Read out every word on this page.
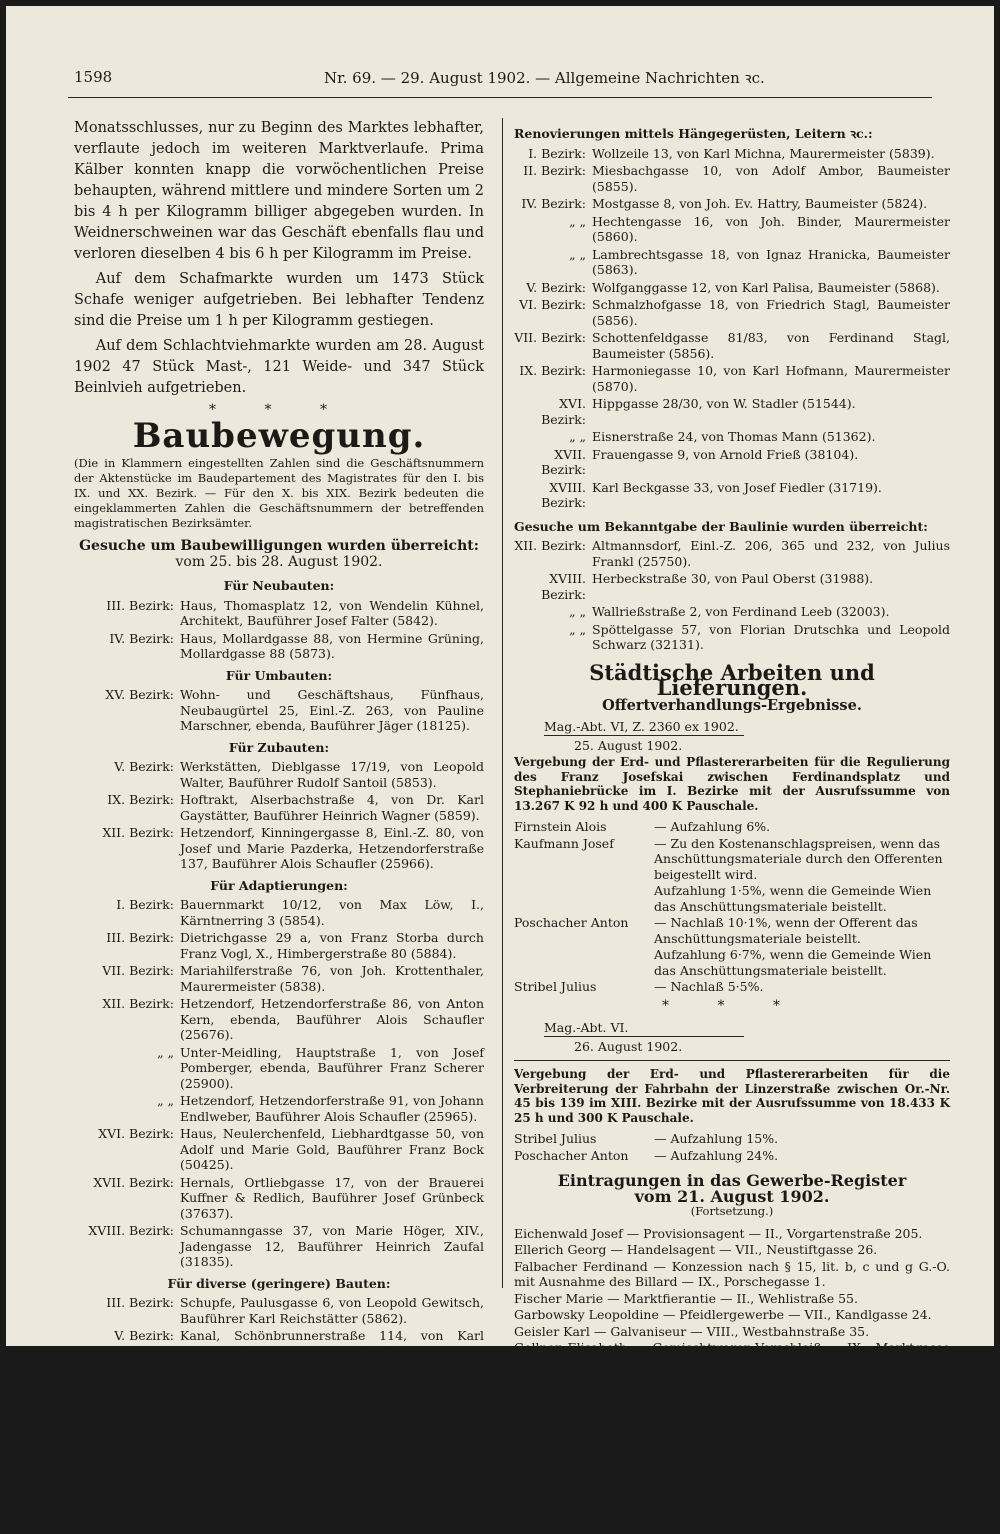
1598	Nr. 69. — 29. August 1902. — Allgemeine Nachrichten ꝛc.

Monatsschlusses, nur zu Beginn des Marktes lebhafter, verflaute jedoch im weiteren Marktverlaufe. Prima Kälber konnten knapp die vorwöchentlichen Preise behaupten, während mittlere und mindere Sorten um 2 bis 4 h per Kilogramm billiger abgegeben wurden. In Weidnerschweinen war das Geschäft ebenfalls flau und verloren dieselben 4 bis 6 h per Kilogramm im Preise.

Auf dem Schafmarkte wurden um 1473 Stück Schafe weniger aufgetrieben. Bei lebhafter Tendenz sind die Preise um 1 h per Kilogramm gestiegen.

Auf dem Schlachtviehmarkte wurden am 28. August 1902 47 Stück Mast-, 121 Weide- und 347 Stück Beinlvieh aufgetrieben.

* * *
Baubewegung.

(Die in Klammern eingestellten Zahlen sind die Geschäftsnummern der Aktenstücke im Baudepartement des Magistrates für den I. bis IX. und XX. Bezirk. — Für den X. bis XIX. Bezirk bedeuten die eingeklammerten Zahlen die Geschäftsnummern der betreffenden magistratischen Bezirksämter.

Gesuche um Baubewilligungen wurden überreicht:
vom 25. bis 28. August 1902.
Für Neubauten:
III. Bezirk: Haus, Thomasplatz 12, von Wendelin Kühnel, Architekt, Bauführer Josef Falter (5842).
IV. Bezirk: Haus, Mollardgasse 88, von Hermine Grüning, Mollardgasse 88 (5873).
Für Umbauten:
XV. Bezirk: Wohn- und Geschäftshaus, Fünfhaus, Neubaugürtel 25, Einl.-Z. 263, von Pauline Marschner, ebenda, Bauführer Jäger (18125).
Für Zubauten:
V. Bezirk: Werkstätten, Dieblgasse 17/19, von Leopold Walter, Bauführer Rudolf Santoil (5853).
IX. Bezirk: Hoftrakt, Alserbachstraße 4, von Dr. Karl Gaystätter, Bauführer Heinrich Wagner (5859).
XII. Bezirk: Hetzendorf, Kinningergasse 8, Einl.-Z. 80, von Josef und Marie Pazderka, Hetzendorferstraße 137, Bauführer Alois Schaufler (25966).
Für Adaptierungen:
I. Bezirk: Bauernmarkt 10/12, von Max Löw, I., Kärntnerring 3 (5854).
III. Bezirk: Dietrichgasse 29 a, von Franz Storba durch Franz Vogl, X., Himbergerstraße 80 (5884).
VII. Bezirk: Mariahilferstraße 76, von Joh. Krottenthaler, Maurermeister (5838).
XII. Bezirk: Hetzendorf, Hetzendorferstraße 86, von Anton Kern, ebenda, Bauführer Alois Schaufler (25676).
„ „ Unter-Meidling, Hauptstraße 1, von Josef Pomberger, ebenda, Bauführer Franz Scherer (25900).
„ „ Hetzendorf, Hetzendorferstraße 91, von Johann Endlweber, Bauführer Alois Schaufler (25965).
XVI. Bezirk: Haus, Neulerchenfeld, Liebhardtgasse 50, von Adolf und Marie Gold, Bauführer Franz Bock (50425).
XVII. Bezirk: Hernals, Ortliebgasse 17, von der Brauerei Kuffner & Redlich, Bauführer Josef Grünbeck (37637).
XVIII. Bezirk: Schumanngasse 37, von Marie Höger, XIV., Jadengasse 12, Bauführer Heinrich Zaufal (31835).
Für diverse (geringere) Bauten:
III. Bezirk: Schupfe, Paulusgasse 6, von Leopold Gewitsch, Bauführer Karl Reichstätter (5862).
V. Bezirk: Kanal, Schönbrunnerstraße 114, von Karl Stöger & Sohn, Baumeister (5872).
XVIII. Bezirk: Cottagegasse 20, von Johann Georg Ritter v. Schoen, ebenda (32072).
„ „ Thür, Kutschkergasse 12, von Rudolf Wellner, ebenda (32153).
XX. Bezirk: Schupfe, Burghardtgasse, Ecke der Wexstraße, von Johann Maschek, Burghardtgasse 30 (5829).
Renovierungen mittels Hängegerüsten, Leitern ꝛc.:
I. Bezirk: Wollzeile 13, von Karl Michna, Maurermeister (5839).
II. Bezirk: Miesbachgasse 10, von Adolf Ambor, Baumeister (5855).
IV. Bezirk: Mostgasse 8, von Joh. Ev. Hattry, Baumeister (5824).
„ „ Hechtengasse 16, von Joh. Binder, Maurermeister (5860).
„ „ Lambrechtsgasse 18, von Ignaz Hranicka, Baumeister (5863).
V. Bezirk: Wolfganggasse 12, von Karl Palisa, Baumeister (5868).
VI. Bezirk: Schmalzhofgasse 18, von Friedrich Stagl, Baumeister (5856).
VII. Bezirk: Schottenfeldgasse 81/83, von Ferdinand Stagl, Baumeister (5856).
IX. Bezirk: Harmoniegasse 10, von Karl Hofmann, Maurermeister (5870).
XVI. Bezirk:
Hippgasse 28/30, von W. Stadler (51544).
„ „ Eisnerstraße 24, von Thomas Mann (51362).
XVII. Bezirk:
Frauengasse 9, von Arnold Frieß (38104).
XVIII. Bezirk:
Karl Beckgasse 33, von Josef Fiedler (31719).
Gesuche um Bekanntgabe der Baulinie wurden überreicht:
XII. Bezirk: Altmannsdorf, Einl.-Z. 206, 365 und 232, von Julius Frankl (25750).
XVIII. Bezirk:
Herbeckstraße 30, von Paul Oberst (31988).
„ „ Wallrießstraße 2, von Ferdinand Leeb (32003).
„ „ Spöttelgasse 57, von Florian Drutschka und Leopold Schwarz (32131).
Städtische Arbeiten und Lieferungen.
Offertverhandlungs-Ergebnisse.
Mag.-Abt. VI, Z. 2360 ex 1902.
25. August 1902.
Vergebung der Erd- und Pflastererarbeiten für die Regulierung des Franz Josefskai zwischen Ferdinandsplatz und Stephaniebrücke im I. Bezirke mit der Ausrufssumme von 13.267 K 92 h und 400 K Pauschale.
Firnstein Alois	— Aufzahlung 6%.
Kaufmann Josef	— Zu den Kostenanschlagspreisen, wenn das Anschüttungsmateriale durch den Offerenten beigestellt wird.
Aufzahlung 1·5%, wenn die Gemeinde Wien das Anschüttungsmateriale beistellt.
Poschacher Anton	— Nachlaß 10·1%, wenn der Offerent das Anschüttungsmateriale beistellt.
Aufzahlung 6·7%, wenn die Gemeinde Wien das Anschüttungsmateriale beistellt.
Stribel Julius	— Nachlaß 5·5%.
* * *
Mag.-Abt. VI.
26. August 1902.
Vergebung der Erd- und Pflastererarbeiten für die Verbreiterung der Fahrbahn der Linzerstraße zwischen Or.-Nr. 45 bis 139 im XIII. Bezirke mit der Ausrufssumme von 18.433 K 25 h und 300 K Pauschale.
Stribel Julius	— Aufzahlung 15%.
Poschacher Anton	— Aufzahlung 24%.
Eintragungen in das Gewerbe-Register
vom 21. August 1902.
(Fortsetzung.)
Eichenwald Josef — Provisionsagent — II., Vorgartenstraße 205.
Ellerich Georg — Handelsagent — VII., Neustiftgasse 26.
Falbacher Ferdinand — Konzession nach § 15, lit. b, c und g G.-O. mit Ausnahme des Billard — IX., Porschegasse 1.
Fischer Marie — Marktfierantie — II., Wehlistraße 55.
Garbowsky Leopoldine — Pfeidlergewerbe — VII., Kandlgasse 24.
Geisler Karl — Galvaniseur — VIII., Westbahnstraße 35.
Gollner Elisabeth — Gemischtwaren-Verschleiß — IX., Marktgasse 28.
Grabl Andreas — Gemischtwaren-Verschleiß — IX., Rögergasse 54.
Grienseidl Elisabeth — Verschleiß von Papier, Schreib- und Zeichenrequisiten — IX., Grünetorgasse 8.
Grohmann Hermann — Schuhmachergewerbe — IX., Berggasse 18.
Hirschfeld Gustav — Schuhwaren-Verschleiß (Filiale) — V., Reinprechtsdorferstraße 72/74.
Hofmann Felix — Gemischtwaren-Verschleiß (Filiale) — II., Stuwerstraße 32.
Huber Marianne — Fleisch-Verschleiß — II., Blumauergasse 16.
Hubeč Hermann — Marktviktualien-Verschleiß — X., Eugenplatz 52.
